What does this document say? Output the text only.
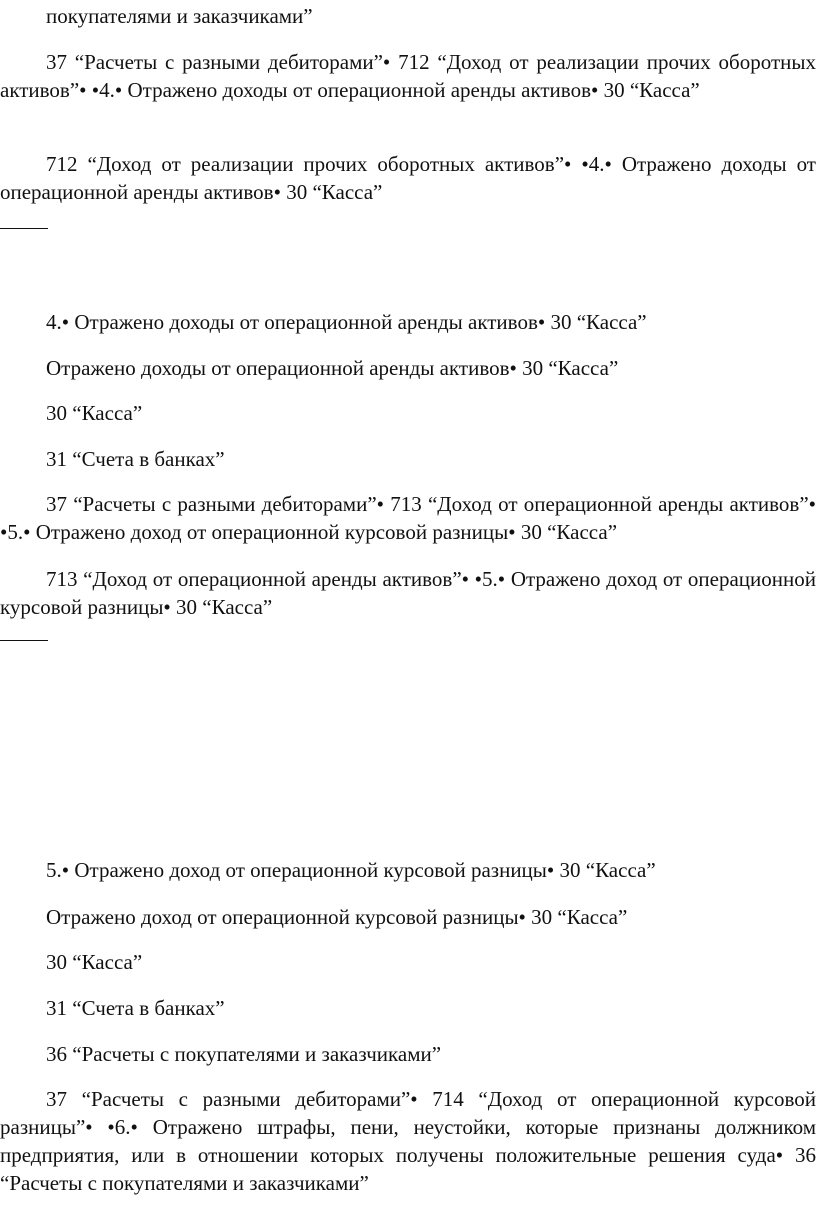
покупателями и заказчиками”

37 “Расчеты с разными дебиторами”• 712 “Доход от реализации прочих оборотных активов”• •4.• Отражено доходы от операционной аренды активов• 30 “Касса”

712 “Доход от реализации прочих оборотных активов”• •4.• Отражено доходы от операционной аренды активов• 30 “Касса”

4.• Отражено доходы от операционной аренды активов• 30 “Касса”

Отражено доходы от операционной аренды активов• 30 “Касса”

30 “Касса”

31 “Счета в банках”

37 “Расчеты с разными дебиторами”• 713 “Доход от операционной аренды активов”• •5.• Отражено доход от операционной курсовой разницы• 30 “Касса”

713 “Доход от операционной аренды активов”• •5.• Отражено доход от операционной курсовой разницы• 30 “Касса”

5.• Отражено доход от операционной курсовой разницы• 30 “Касса”

Отражено доход от операционной курсовой разницы• 30 “Касса”

30 “Касса”

31 “Счета в банках”

36 “Расчеты с покупателями и заказчиками”

37 “Расчеты с разными дебиторами”• 714 “Доход от операционной курсовой разницы”• •6.• Отражено штрафы, пени, неустойки, которые признаны должником предприятия, или в отношении которых получены положительные решения суда• 36 “Расчеты с покупателями и заказчиками”
